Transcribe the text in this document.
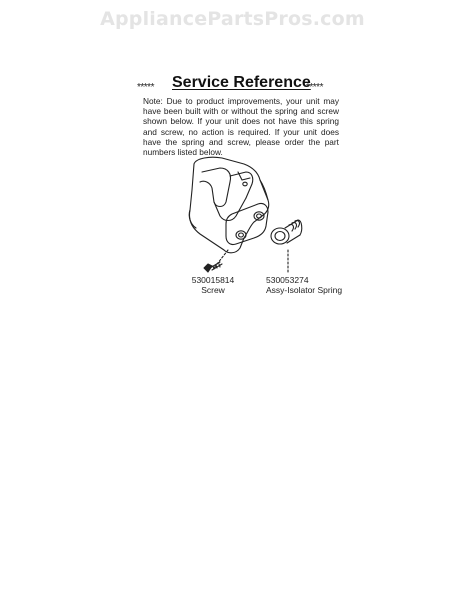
AppliancePartsPros.com
***** Service Reference
*****
Note: Due to product improvements, your unit may have been built with or without the spring and screw shown below. If your unit does not have this spring and screw, no action is required. If your unit does have the spring and screw, please order the part numbers listed below.
530015814
Screw
530053274
Assy-Isolator Spring
